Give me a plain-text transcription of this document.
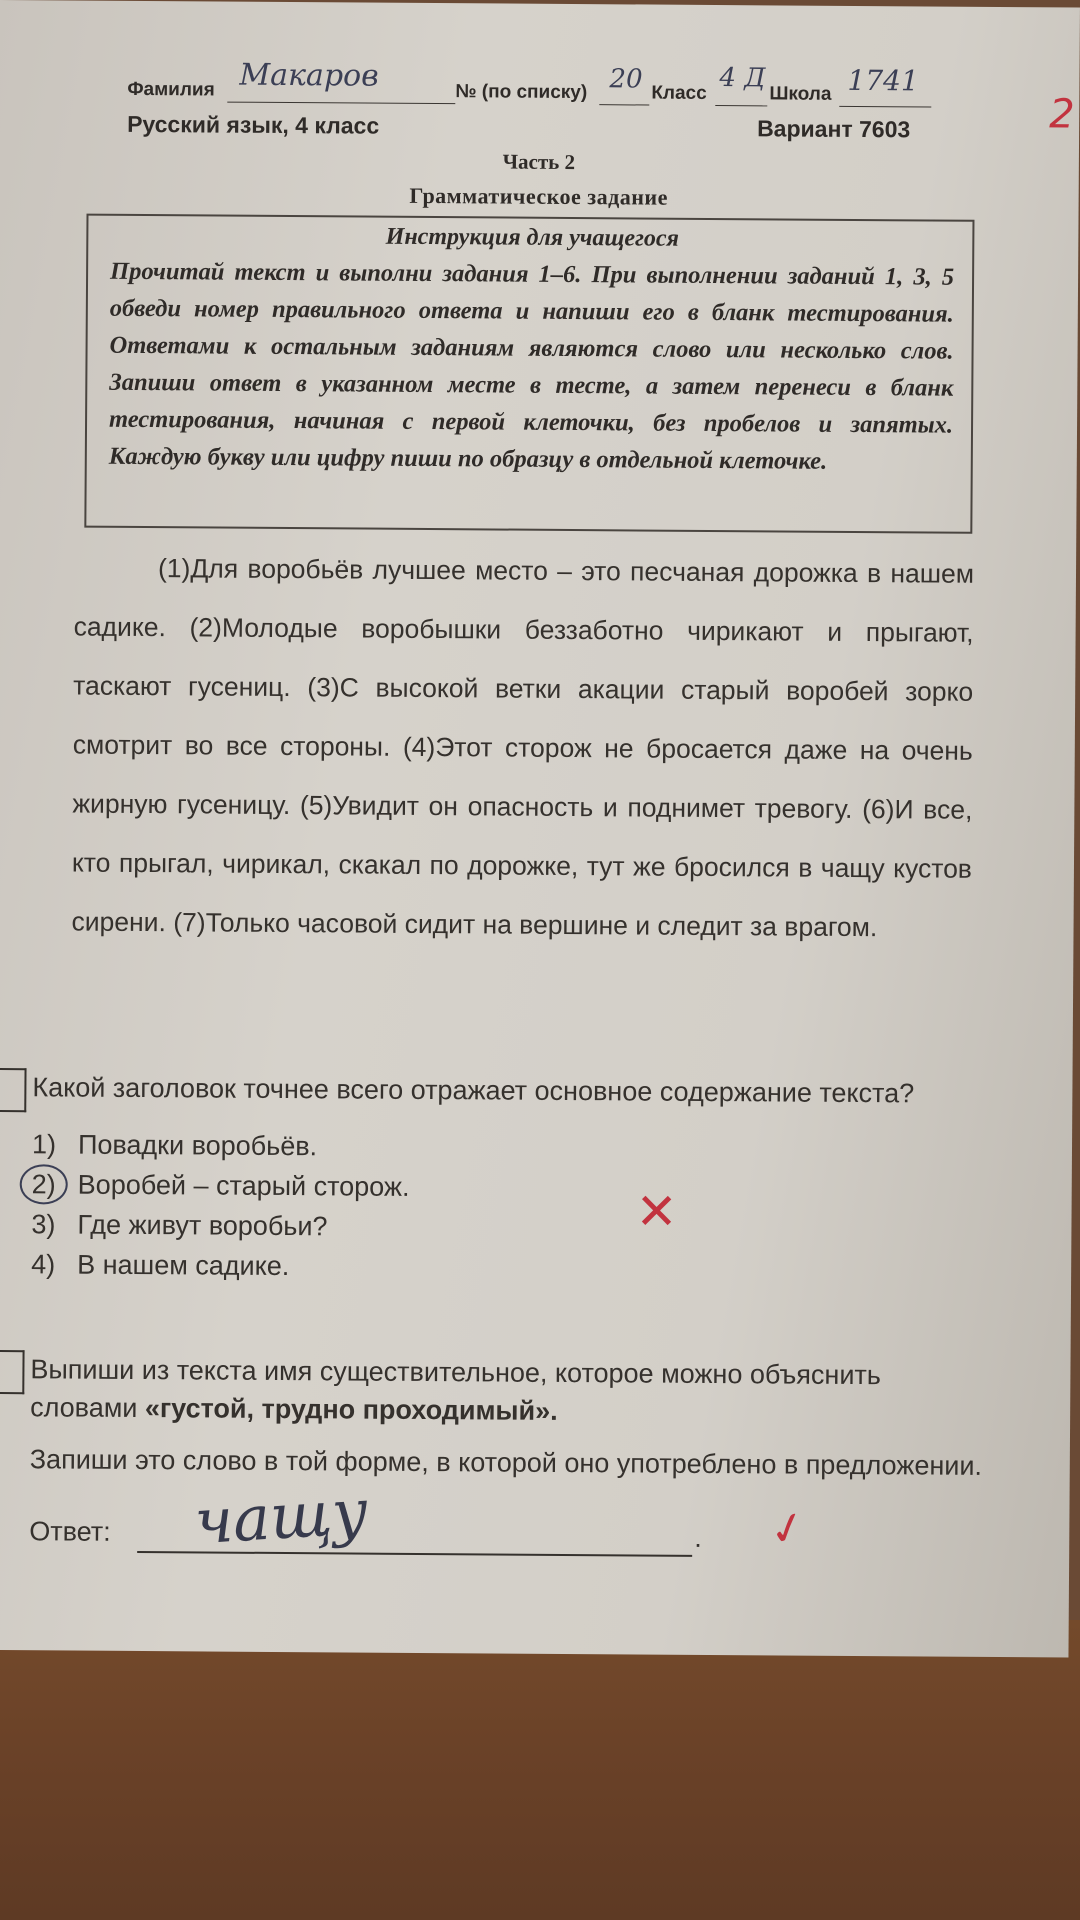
Фамилия Макаров	№ (по списку) 20 Класс 4 Д
Школа 1741
Русский язык, 4 класс	Вариант 7603	2
Часть 2
Грамматическое задание
Инструкция для учащегося
Прочитай текст и выполни задания 1–6. При выполнении заданий 1, 3, 5 обведи номер правильного ответа и напиши его в бланк тестирования. Ответами к остальным заданиям являются слово или несколько слов. Запиши ответ в указанном месте в тесте, а затем перенеси в бланк тестирования, начиная с первой клеточки, без пробелов и запятых. Каждую букву или цифру пиши по образцу в отдельной клеточке.
(1)Для воробьёв лучшее место – это песчаная дорожка в нашем садике. (2)Молодые воробышки беззаботно чирикают и прыгают, таскают гусениц. (3)С высокой ветки акации старый воробей зорко смотрит во все стороны. (4)Этот сторож не бросается даже на очень жирную гусеницу. (5)Увидит он опасность и поднимет тревогу. (6)И все, кто прыгал, чирикал, скакал по дорожке, тут же бросился в чащу кустов сирени. (7)Только часовой сидит на вершине и следит за врагом.
Какой заголовок точнее всего отражает основное содержание текста?
1) Повадки воробьёв.
2) Воробей – старый сторож.
3) Где живут воробьи?
4) В нашем садике.
✕
Выпиши из текста имя существительное, которое можно объяснить словами «густой, трудно проходимый».
Запиши это слово в той форме, в которой оно употреблено в предложении.
Ответ: чащу	. ✓
